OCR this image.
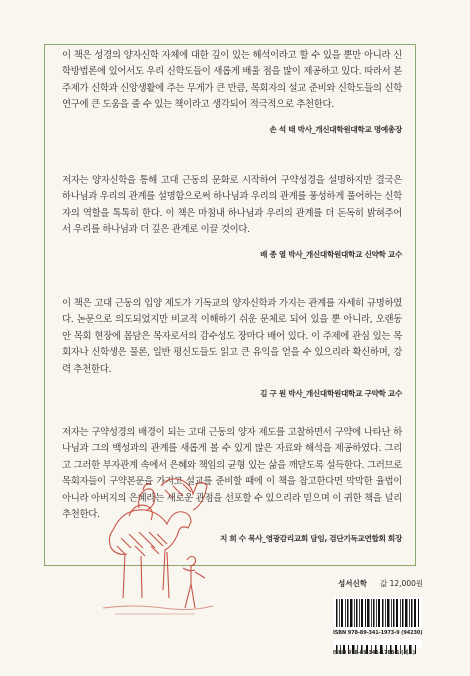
이 책은 성경의 양자신학 자체에 대한 깊이 있는 해석이라고 할 수 있을 뿐만 아니라 신학방법론에 있어서도 우리 신학도들이 새롭게 배울 점을 많이 제공하고 있다. 따라서 본 주제가 신학과 신앙생활에 주는 무게가 큰 만큼, 목회자의 설교 준비와 신학도들의 신학 연구에 큰 도움을 줄 수 있는 책이라고 생각되어 적극적으로 추천한다.

손 석 태 박사_개신대학원대학교 명예총장

저자는 양자신학을 통해 고대 근동의 문화로 시작하여 구약성경을 설명하지만 결국은 하나님과 우리의 관계를 설명함으로써 하나님과 우리의 관계를 풍성하게 풀어하는 신학자의 역할을 톡톡히 한다. 이 책은 마침내 하나님과 우리의 관계를 더 돈독히 밝혀주어서 우리를 하나님과 더 깊은 관계로 이끌 것이다.

배 종 열 박사_개신대학원대학교 신약학 교수

이 책은 고대 근동의 입양 제도가 기독교의 양자신학과 가지는 관계를 자세히 규명하였다. 논문으로 의도되었지만 비교적 이해하기 쉬운 문체로 되어 있을 뿐 아니라, 오랜동안 목회 현장에 몸담은 목자로서의 감수성도 장마다 배어 있다. 이 주제에 관심 있는 목회자나 신학생은 물론, 일반 평신도들도 읽고 큰 유익을 얻을 수 있으리라 확신하며, 강력 추천한다.

김 구 원 박사_개신대학원대학교 구약학 교수

저자는 구약성경의 배경이 되는 고대 근동의 양자 제도를 고찰하면서 구약에 나타난 하나님과 그의 백성과의 관계를 새롭게 볼 수 있게 많은 자료와 해석을 제공하였다. 그리고 그러한 부자관계 속에서 은혜와 책임의 균형 있는 삶을 깨닫도록 설득한다. 그러므로 목회자들이 구약본문을 가지고 설교를 준비할 때에 이 책을 참고한다면 막막한 율법이 아니라 아버지의 은혜라는 새로운 관점을 선포할 수 있으리라 믿으며 이 귀한 책을 널리 추천한다.

지 희 수 목사_영광감리교회 담임, 검단기독교연합회 회장
성서신학 값 12,000원
ISBN 978-89-341-1973-9 (94230)
ISBN 978-89-341-1768-1 (세트)
